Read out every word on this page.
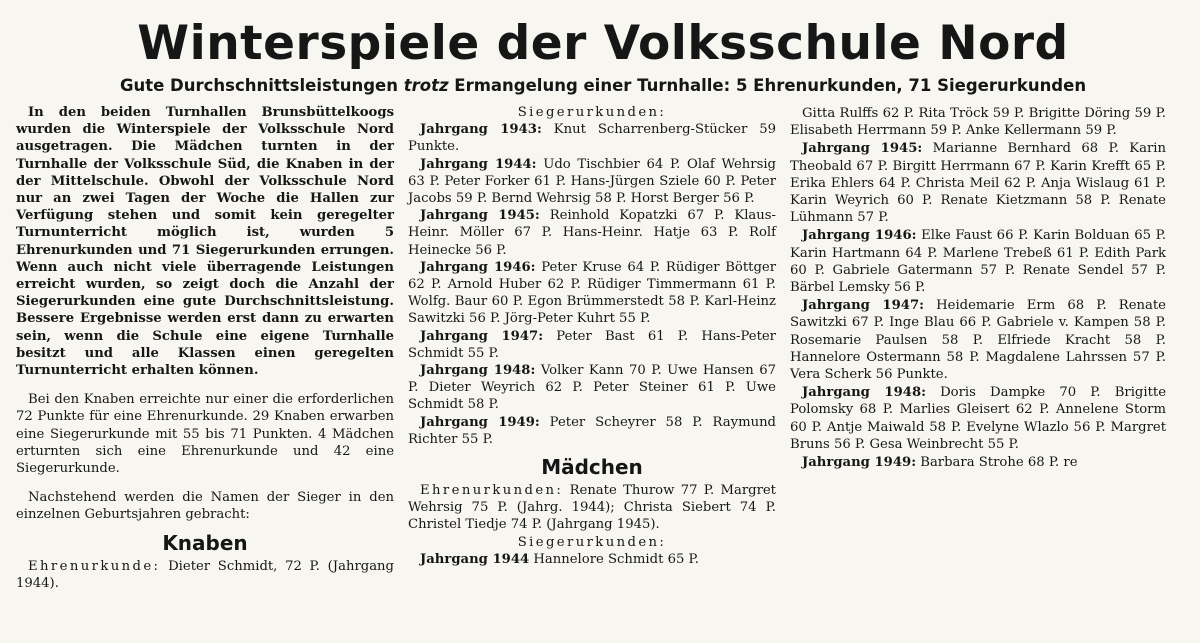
Winterspiele der Volksschule Nord
Gute Durchschnittsleistungen trotz Ermangelung einer Turnhalle: 5 Ehrenurkunden, 71 Siegerurkunden

In den beiden Turnhallen Brunsbüttelkoogs wurden die Winterspiele der Volksschule Nord ausgetragen. Die Mädchen turnten in der Turnhalle der Volksschule Süd, die Knaben in der der Mittelschule. Obwohl der Volksschule Nord nur an zwei Tagen der Woche die Hallen zur Verfügung stehen und somit kein geregelter Turnunterricht möglich ist, wurden 5 Ehrenurkunden und 71 Siegerurkunden errungen. Wenn auch nicht viele überragende Leistungen erreicht wurden, so zeigt doch die Anzahl der Siegerurkunden eine gute Durchschnittsleistung. Bessere Ergebnisse werden erst dann zu erwarten sein, wenn die Schule eine eigene Turnhalle besitzt und alle Klassen einen geregelten Turnunterricht erhalten können.

Bei den Knaben erreichte nur einer die erforderlichen 72 Punkte für eine Ehrenurkunde. 29 Knaben erwarben eine Siegerurkunde mit 55 bis 71 Punkten. 4 Mädchen erturnten sich eine Ehrenurkunde und 42 eine Siegerurkunde.

Nachstehend werden die Namen der Sieger in den einzelnen Geburtsjahren gebracht:

Knaben

Ehrenurkunde: Dieter Schmidt, 72 P. (Jahrgang 1944).

Siegerurkunden:

Jahrgang 1943: Knut Scharrenberg-Stücker 59 Punkte.

Jahrgang 1944: Udo Tischbier 64 P. Olaf Wehrsig 63 P. Peter Forker 61 P. Hans-Jürgen Sziele 60 P. Peter Jacobs 59 P. Bernd Wehrsig 58 P. Horst Berger 56 P.

Jahrgang 1945: Reinhold Kopatzki 67 P. Klaus-Heinr. Möller 67 P. Hans-Heinr. Hatje 63 P. Rolf Heinecke 56 P.

Jahrgang 1946: Peter Kruse 64 P. Rüdiger Böttger 62 P. Arnold Huber 62 P. Rüdiger Timmermann 61 P. Wolfg. Baur 60 P. Egon Brümmerstedt 58 P. Karl-Heinz Sawitzki 56 P. Jörg-Peter Kuhrt 55 P.

Jahrgang 1947: Peter Bast 61 P. Hans-Peter Schmidt 55 P.

Jahrgang 1948: Volker Kann 70 P. Uwe Hansen 67 P. Dieter Weyrich 62 P. Peter Steiner 61 P. Uwe Schmidt 58 P.

Jahrgang 1949: Peter Scheyrer 58 P. Raymund Richter 55 P.

Mädchen

Ehrenurkunden: Renate Thurow 77 P. Margret Wehrsig 75 P. (Jahrg. 1944); Christa Siebert 74 P. Christel Tiedje 74 P. (Jahrgang 1945).

Siegerurkunden:

Jahrgang 1944 Hannelore Schmidt 65 P.

Gitta Rulffs 62 P. Rita Tröck 59 P. Brigitte Döring 59 P. Elisabeth Herrmann 59 P. Anke Kellermann 59 P.

Jahrgang 1945: Marianne Bernhard 68 P. Karin Theobald 67 P. Birgitt Herrmann 67 P. Karin Krefft 65 P. Erika Ehlers 64 P. Christa Meil 62 P. Anja Wislaug 61 P. Karin Weyrich 60 P. Renate Kietzmann 58 P. Renate Lühmann 57 P.

Jahrgang 1946: Elke Faust 66 P. Karin Bolduan 65 P. Karin Hartmann 64 P. Marlene Trebeß 61 P. Edith Park 60 P. Gabriele Gatermann 57 P. Renate Sendel 57 P. Bärbel Lemsky 56 P.

Jahrgang 1947: Heidemarie Erm 68 P. Renate Sawitzki 67 P. Inge Blau 66 P. Gabriele v. Kampen 58 P. Rosemarie Paulsen 58 P. Elfriede Kracht 58 P. Hannelore Ostermann 58 P. Magdalene Lahrssen 57 P. Vera Scherk 56 Punkte.

Jahrgang 1948: Doris Dampke 70 P. Brigitte Polomsky 68 P. Marlies Gleisert 62 P. Annelene Storm 60 P. Antje Maiwald 58 P. Evelyne Wlazlo 56 P. Margret Bruns 56 P. Gesa Weinbrecht 55 P.

Jahrgang 1949: Barbara Strohe 68 P. re
